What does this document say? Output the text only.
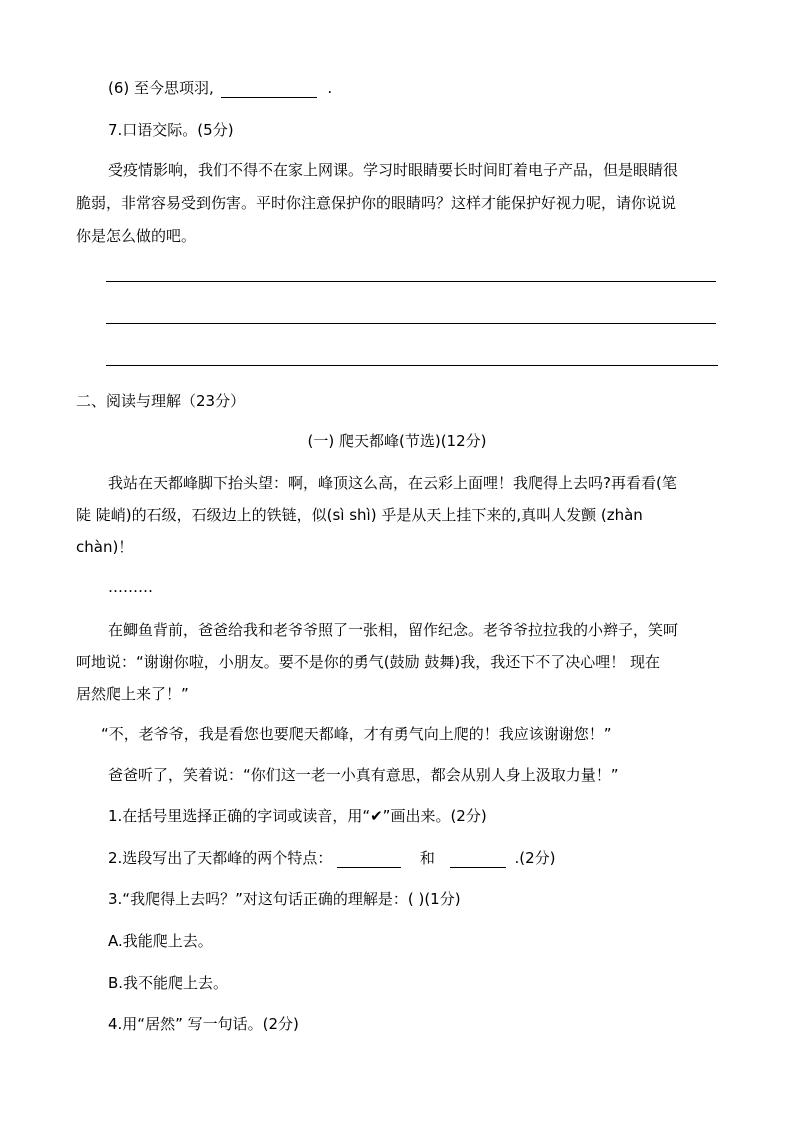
(6) 至今思项羽,	.
7.口语交际。(5分)
受疫情影响，我们不得不在家上网课。学习时眼睛要长时间盯着电子产品，但是眼睛很
脆弱，非常容易受到伤害。平时你注意保护你的眼睛吗？这样才能保护好视力呢，请你说说
你是怎么做的吧。
二、阅读与理解（23分）
(一) 爬天都峰(节选)(12分)
我站在天都峰脚下抬头望：啊，峰顶这么高，在云彩上面哩！我爬得上去吗?再看看(笔
陡 陡峭)的石级，石级边上的铁链，似(sì shì) 乎是从天上挂下来的,真叫人发颤 (zhàn
chàn)！
………
在鲫鱼背前，爸爸给我和老爷爷照了一张相，留作纪念。老爷爷拉拉我的小辫子，笑呵
呵地说：“谢谢你啦，小朋友。要不是你的勇气(鼓励 鼓舞)我，我还下不了决心哩！ 现在
居然爬上来了！”
“不，老爷爷，我是看您也要爬天都峰，才有勇气向上爬的！我应该谢谢您！”
爸爸听了，笑着说：“你们这一老一小真有意思，都会从别人身上汲取力量！”
1.在括号里选择正确的字词或读音，用“✔”画出来。(2分)
2.选段写出了天都峰的两个特点：	和	.(2分)
3.“我爬得上去吗？”对这句话正确的理解是：( )(1分)
A.我能爬上去。
B.我不能爬上去。
4.用“居然” 写一句话。(2分)
